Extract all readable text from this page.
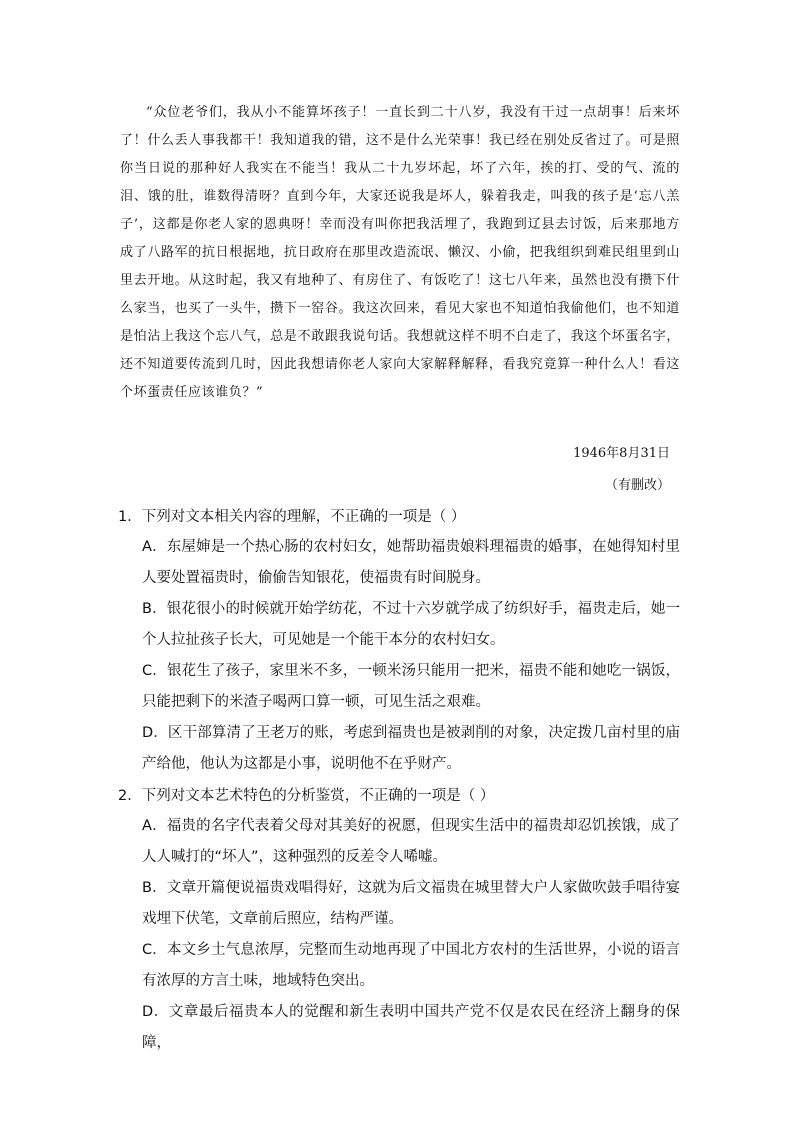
“众位老爷们，我从小不能算坏孩子！一直长到二十八岁，我没有干过一点胡事！后来坏了！什么丢人事我都干！我知道我的错，这不是什么光荣事！我已经在别处反省过了。可是照你当日说的那种好人我实在不能当！我从二十九岁坏起，坏了六年，挨的打、受的气、流的泪、饿的肚，谁数得清呀？直到今年，大家还说我是坏人，躲着我走，叫我的孩子是‘忘八羔子’，这都是你老人家的恩典呀！幸而没有叫你把我活埋了，我跑到辽县去讨饭，后来那地方成了八路军的抗日根据地，抗日政府在那里改造流氓、懒汉、小偷，把我组织到难民组里到山里去开地。从这时起，我又有地种了、有房住了、有饭吃了！这七八年来，虽然也没有攒下什么家当，也买了一头牛，攒下一窑谷。我这次回来，看见大家也不知道怕我偷他们，也不知道是怕沾上我这个忘八气，总是不敢跟我说句话。我想就这样不明不白走了，我这个坏蛋名字，还不知道要传流到几时，因此我想请你老人家向大家解释解释，看我究竟算一种什么人！看这个坏蛋责任应该谁负？”

1946年8月31日
（有删改）

1．下列对文本相关内容的理解，不正确的一项是（ ）

A．东屋婶是一个热心肠的农村妇女，她帮助福贵娘料理福贵的婚事，在她得知村里人要处置福贵时，偷偷告知银花，使福贵有时间脱身。

B．银花很小的时候就开始学纺花，不过十六岁就学成了纺织好手，福贵走后，她一个人拉扯孩子长大，可见她是一个能干本分的农村妇女。

C．银花生了孩子，家里米不多，一顿米汤只能用一把米，福贵不能和她吃一锅饭，只能把剩下的米渣子喝两口算一顿，可见生活之艰难。

D．区干部算清了王老万的账，考虑到福贵也是被剥削的对象，决定拨几亩村里的庙产给他，他认为这都是小事，说明他不在乎财产。

2．下列对文本艺术特色的分析鉴赏，不正确的一项是（ ）

A．福贵的名字代表着父母对其美好的祝愿，但现实生活中的福贵却忍饥挨饿，成了人人喊打的“坏人”，这种强烈的反差令人唏嘘。

B．文章开篇便说福贵戏唱得好，这就为后文福贵在城里替大户人家做吹鼓手唱待宴戏埋下伏笔，文章前后照应，结构严谨。

C．本文乡土气息浓厚，完整而生动地再现了中国北方农村的生活世界，小说的语言有浓厚的方言土味，地域特色突出。

D．文章最后福贵本人的觉醒和新生表明中国共产党不仅是农民在经济上翻身的保障，
